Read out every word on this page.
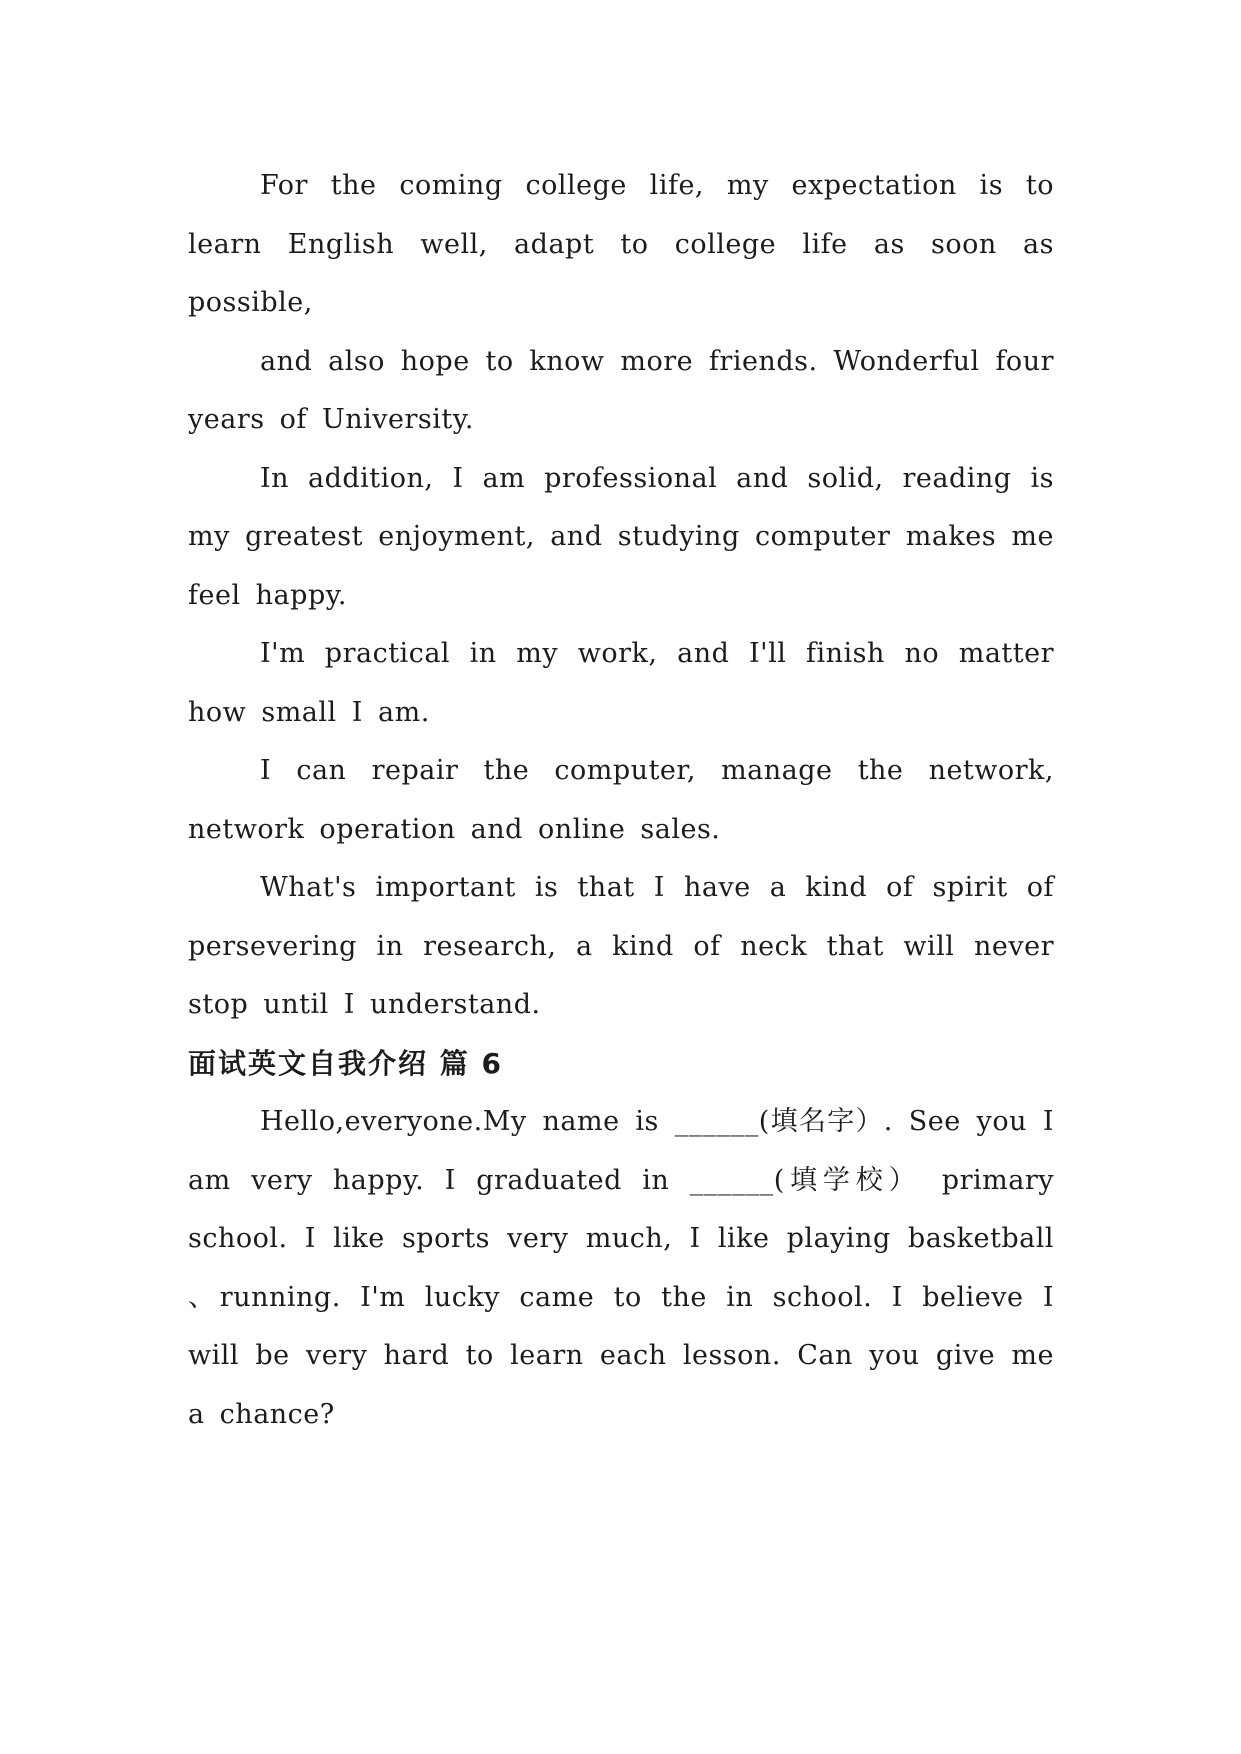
For the coming college life, my expectation is to learn English well, adapt to college life as soon as possible,

and also hope to know more friends. Wonderful four years of University.

In addition, I am professional and solid, reading is my greatest enjoyment, and studying computer makes me feel happy.

I'm practical in my work, and I'll finish no matter how small I am.

I can repair the computer, manage the network, network operation and online sales.

What's important is that I have a kind of spirit of persevering in research, a kind of neck that will never stop until I understand.

面试英文自我介绍 篇 6

Hello,everyone.My name is ______(填名字）. See you I am very happy. I graduated in ______(填学校） primary school. I like sports very much, I like playing basketball 、running. I'm lucky came to the in school. I believe I will be very hard to learn each lesson. Can you give me a chance?
